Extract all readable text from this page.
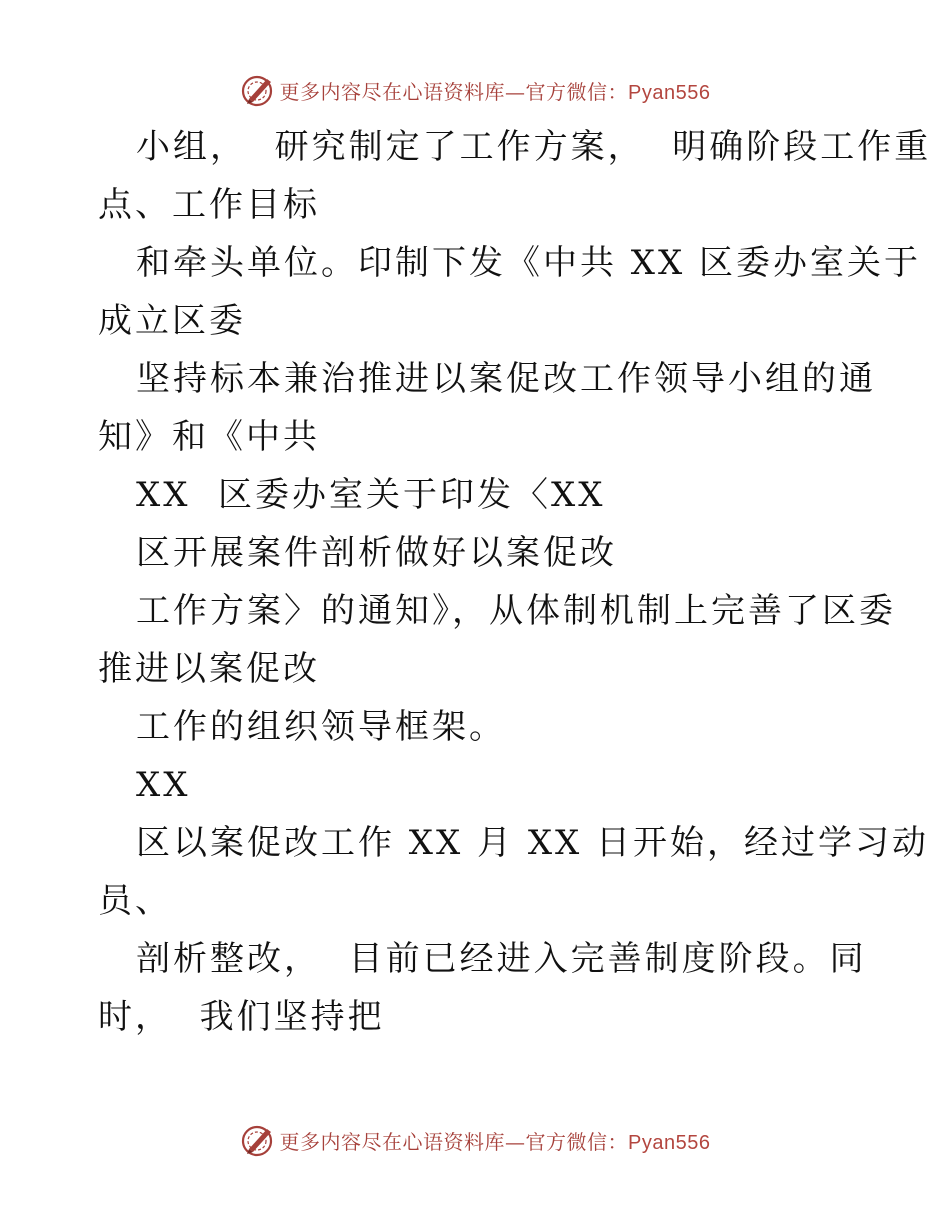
更多内容尽在心语资料库—官方微信：Pyan556
小组，  研究制定了工作方案，  明确阶段工作重
点、工作目标
和牵头单位。印制下发《中共 XX 区委办室关于
成立区委
坚持标本兼治推进以案促改工作领导小组的通
知》和《中共
XX  区委办室关于印发〈XX
区开展案件剖析做好以案促改
工作方案〉的通知》，从体制机制上完善了区委
推进以案促改
工作的组织领导框架。
XX
区以案促改工作 XX 月 XX 日开始，经过学习动
员、
剖析整改，  目前已经进入完善制度阶段。同
时，  我们坚持把
更多内容尽在心语资料库—官方微信：Pyan556
